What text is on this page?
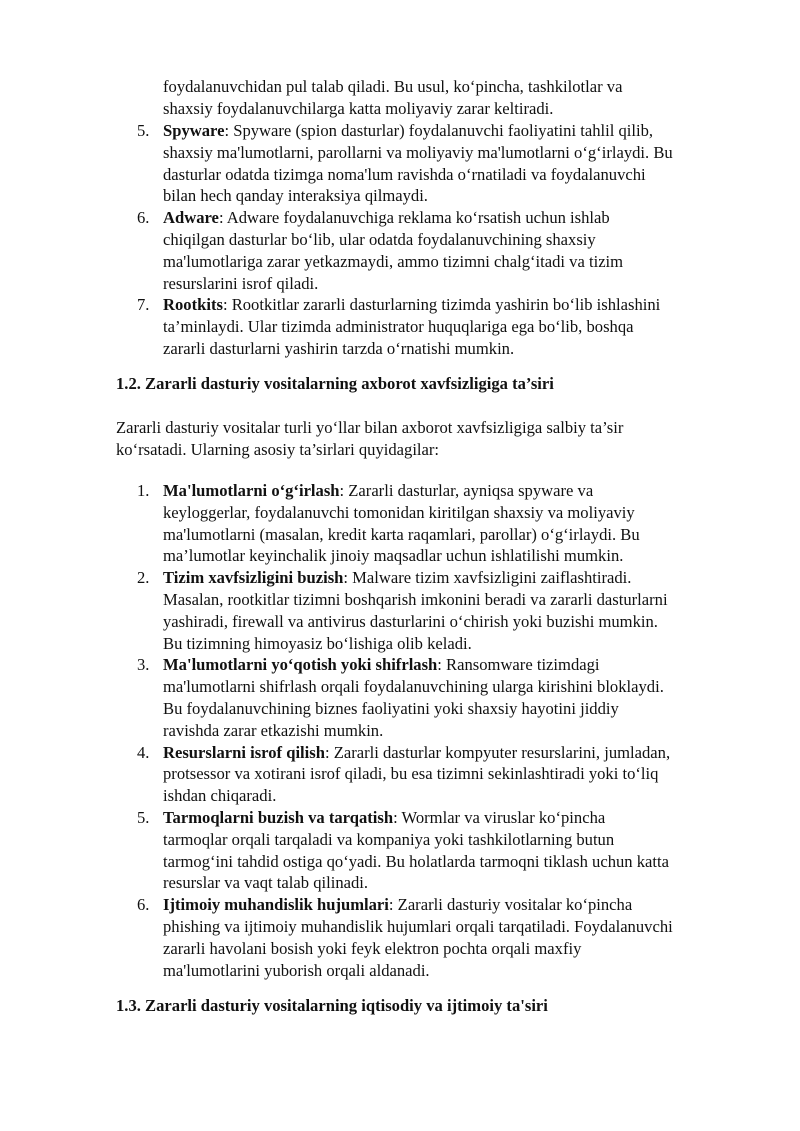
foydalanuvchidan pul talab qiladi. Bu usul, ko‘pincha, tashkilotlar va
shaxsiy foydalanuvchilarga katta moliyaviy zarar keltiradi.
5. Spyware: Spyware (spion dasturlar) foydalanuvchi faoliyatini tahlil qilib,
shaxsiy ma'lumotlarni, parollarni va moliyaviy ma'lumotlarni o‘g‘irlaydi. Bu
dasturlar odatda tizimga noma'lum ravishda o‘rnatiladi va foydalanuvchi
bilan hech qanday interaksiya qilmaydi.
6. Adware: Adware foydalanuvchiga reklama ko‘rsatish uchun ishlab
chiqilgan dasturlar bo‘lib, ular odatda foydalanuvchining shaxsiy
ma'lumotlariga zarar yetkazmaydi, ammo tizimni chalg‘itadi va tizim
resurslarini isrof qiladi.
7. Rootkits: Rootkitlar zararli dasturlarning tizimda yashirin bo‘lib ishlashini
ta’minlaydi. Ular tizimda administrator huquqlariga ega bo‘lib, boshqa
zararli dasturlarni yashirin tarzda o‘rnatishi mumkin.
1.2. Zararli dasturiy vositalarning axborot xavfsizligiga ta’siri

Zararli dasturiy vositalar turli yo‘llar bilan axborot xavfsizligiga salbiy ta’sir
ko‘rsatadi. Ularning asosiy ta’sirlari quyidagilar:

1. Ma'lumotlarni o‘g‘irlash: Zararli dasturlar, ayniqsa spyware va
keyloggerlar, foydalanuvchi tomonidan kiritilgan shaxsiy va moliyaviy
ma'lumotlarni (masalan, kredit karta raqamlari, parollar) o‘g‘irlaydi. Bu
ma’lumotlar keyinchalik jinoiy maqsadlar uchun ishlatilishi mumkin.
2. Tizim xavfsizligini buzish: Malware tizim xavfsizligini zaiflashtiradi.
Masalan, rootkitlar tizimni boshqarish imkonini beradi va zararli dasturlarni
yashiradi, firewall va antivirus dasturlarini o‘chirish yoki buzishi mumkin.
Bu tizimning himoyasiz bo‘lishiga olib keladi.
3. Ma'lumotlarni yo‘qotish yoki shifrlash: Ransomware tizimdagi
ma'lumotlarni shifrlash orqali foydalanuvchining ularga kirishini bloklaydi.
Bu foydalanuvchining biznes faoliyatini yoki shaxsiy hayotini jiddiy
ravishda zarar etkazishi mumkin.
4. Resurslarni isrof qilish: Zararli dasturlar kompyuter resurslarini, jumladan,
protsessor va xotirani isrof qiladi, bu esa tizimni sekinlashtiradi yoki to‘liq
ishdan chiqaradi.
5. Tarmoqlarni buzish va tarqatish: Wormlar va viruslar ko‘pincha
tarmoqlar orqali tarqaladi va kompaniya yoki tashkilotlarning butun
tarmog‘ini tahdid ostiga qo‘yadi. Bu holatlarda tarmoqni tiklash uchun katta
resurslar va vaqt talab qilinadi.
6. Ijtimoiy muhandislik hujumlari: Zararli dasturiy vositalar ko‘pincha
phishing va ijtimoiy muhandislik hujumlari orqali tarqatiladi. Foydalanuvchi
zararli havolani bosish yoki feyk elektron pochta orqali maxfiy
ma'lumotlarini yuborish orqali aldanadi.
1.3. Zararli dasturiy vositalarning iqtisodiy va ijtimoiy ta'siri
